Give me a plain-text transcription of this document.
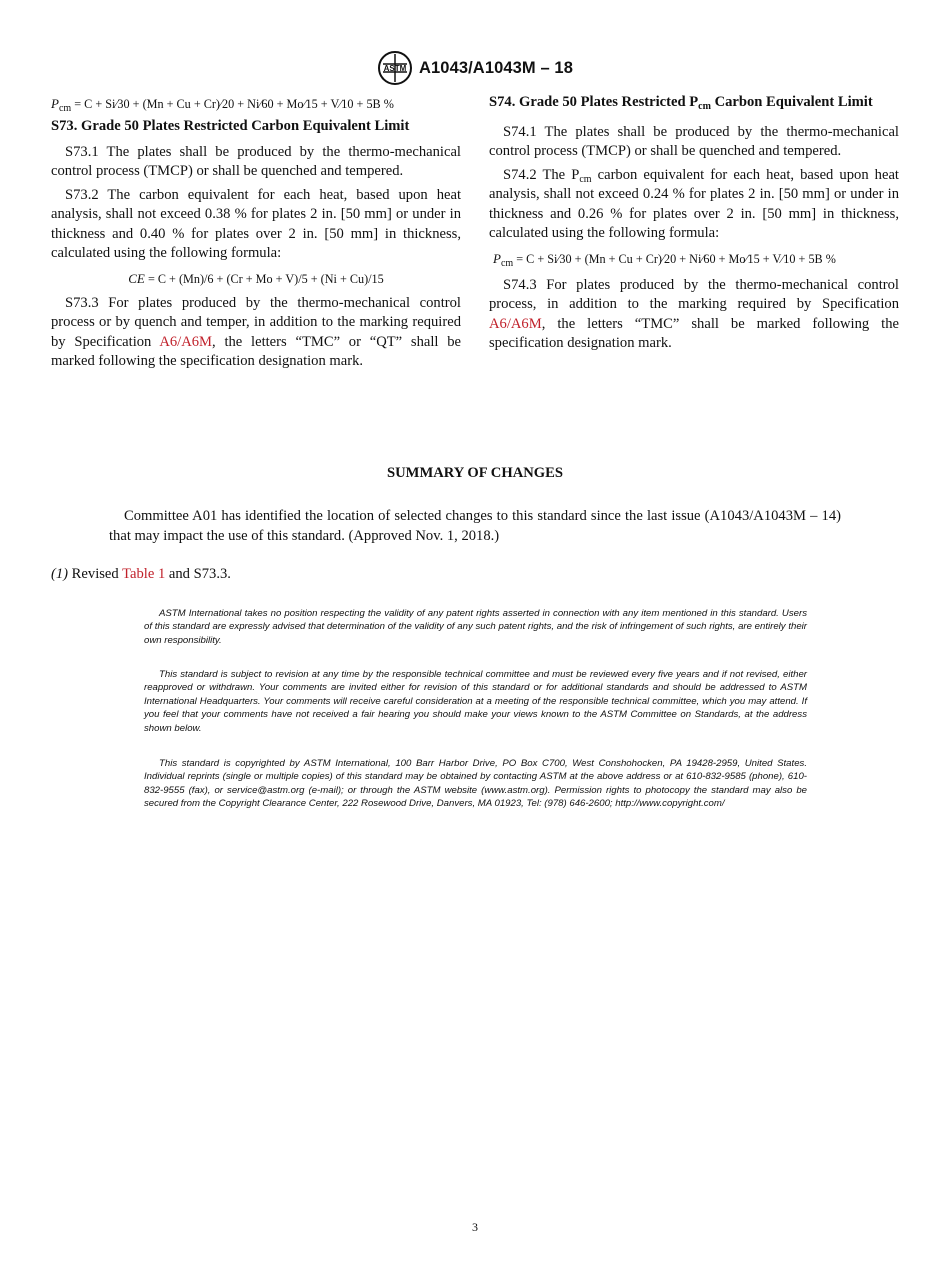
ASTM A1043/A1043M – 18
$P_{cm} = C$ + Si⁄30 + (Mn + Cu + Cr)⁄20 + Ni⁄60 + Mo⁄15 + V⁄10 + 5B %
S73. Grade 50 Plates Restricted Carbon Equivalent Limit

S73.1 The plates shall be produced by the thermo-mechanical control process (TMCP) or shall be quenched and tempered.

S73.2 The carbon equivalent for each heat, based upon heat analysis, shall not exceed 0.38 % for plates 2 in. [50 mm] or under in thickness and 0.40 % for plates over 2 in. [50 mm] in thickness, calculated using the following formula:

CE = C + (Mn)/6 + (Cr + Mo + V)/5 + (Ni + Cu)/15

S73.3 For plates produced by the thermo-mechanical control process or by quench and temper, in addition to the marking required by Specification A6/A6M, the letters “TMC” or “QT” shall be marked following the specification designation mark.

S74. Grade 50 Plates Restricted $P_{cm}$ Carbon Equivalent Limit

S74.1 The plates shall be produced by the thermo-mechanical control process (TMCP) or shall be quenched and tempered.

S74.2 The $P_{cm}$ carbon equivalent for each heat, based upon heat analysis, shall not exceed 0.24 % for plates 2 in. [50 mm] or under in thickness and 0.26 % for plates over 2 in. [50 mm] in thickness, calculated using the following formula:

$P_{cm} = C$ + Si⁄30 + (Mn + Cu + Cr)⁄20 + Ni⁄60 + Mo⁄15 + V⁄10 + 5B %

S74.3 For plates produced by the thermo-mechanical control process, in addition to the marking required by Specification A6/A6M, the letters “TMC” shall be marked following the specification designation mark.

SUMMARY OF CHANGES
Committee A01 has identified the location of selected changes to this standard since the last issue (A1043/A1043M – 14) that may impact the use of this standard. (Approved Nov. 1, 2018.)
(1) Revised Table 1 and S73.3.
ASTM International takes no position respecting the validity of any patent rights asserted in connection with any item mentioned in this standard. Users of this standard are expressly advised that determination of the validity of any such patent rights, and the risk of infringement of such rights, are entirely their own responsibility.
This standard is subject to revision at any time by the responsible technical committee and must be reviewed every five years and if not revised, either reapproved or withdrawn. Your comments are invited either for revision of this standard or for additional standards and should be addressed to ASTM International Headquarters. Your comments will receive careful consideration at a meeting of the responsible technical committee, which you may attend. If you feel that your comments have not received a fair hearing you should make your views known to the ASTM Committee on Standards, at the address shown below.
This standard is copyrighted by ASTM International, 100 Barr Harbor Drive, PO Box C700, West Conshohocken, PA 19428-2959, United States. Individual reprints (single or multiple copies) of this standard may be obtained by contacting ASTM at the above address or at 610-832-9585 (phone), 610-832-9555 (fax), or service@astm.org (e-mail); or through the ASTM website (www.astm.org). Permission rights to photocopy the standard may also be secured from the Copyright Clearance Center, 222 Rosewood Drive, Danvers, MA 01923, Tel: (978) 646-2600; http://www.copyright.com/
3
